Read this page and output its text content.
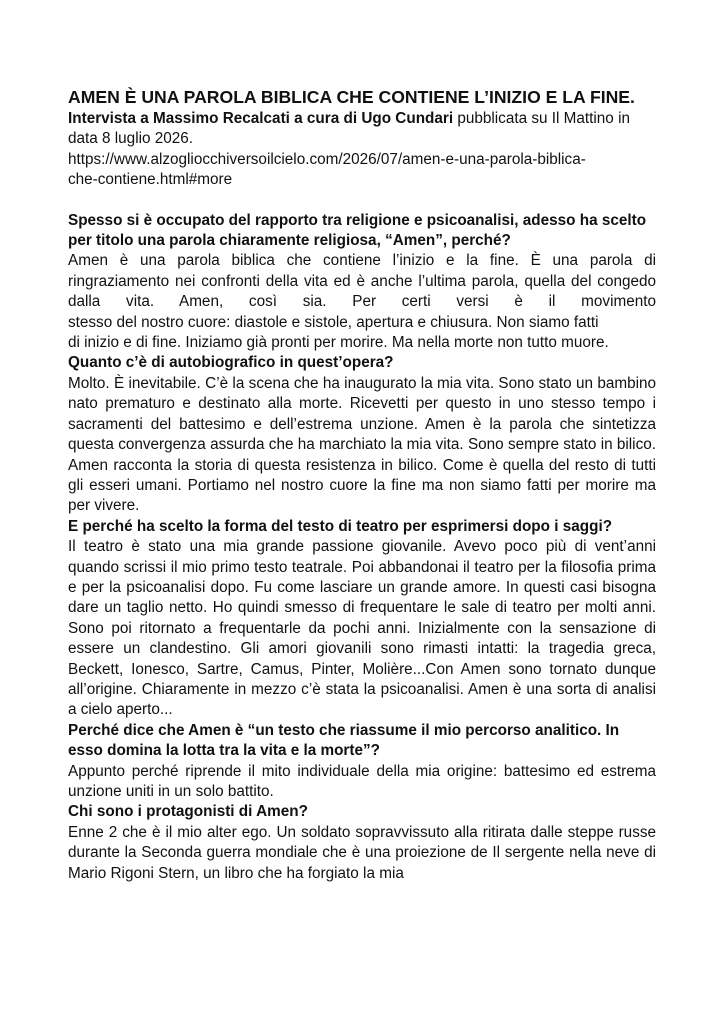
AMEN È UNA PAROLA BIBLICA CHE CONTIENE L’INIZIO E LA FINE.

Intervista a Massimo Recalcati a cura di Ugo Cundari pubblicata su Il Mattino in data 8 luglio 2026.

https://www.alzogliocchiversoilcielo.com/2026/07/amen-e-una-parola-biblica-
che-contiene.html#more

Spesso si è occupato del rapporto tra religione e psicoanalisi, adesso ha scelto per titolo una parola chiaramente religiosa, “Amen”, perché?

Amen è una parola biblica che contiene l’inizio e la fine. È una parola di ringraziamento nei confronti della vita ed è anche l’ultima parola, quella del congedo dalla vita. Amen, così sia. Per certi versi è il movimento
stesso del nostro cuore: diastole e sistole, apertura e chiusura. Non siamo fatti
di inizio e di fine. Iniziamo già pronti per morire. Ma nella morte non tutto muore.

Quanto c’è di autobiografico in quest’opera?

Molto. È inevitabile. C’è la scena che ha inaugurato la mia vita. Sono stato un bambino nato prematuro e destinato alla morte. Ricevetti per questo in uno stesso tempo i sacramenti del battesimo e dell’estrema unzione. Amen è la parola che sintetizza questa convergenza assurda che ha marchiato la mia vita. Sono sempre stato in bilico. Amen racconta la storia di questa resistenza in bilico. Come è quella del resto di tutti gli esseri umani. Portiamo nel nostro cuore la fine ma non siamo fatti per morire ma per vivere.

E perché ha scelto la forma del testo di teatro per esprimersi dopo i saggi?

Il teatro è stato una mia grande passione giovanile. Avevo poco più di vent’anni quando scrissi il mio primo testo teatrale. Poi abbandonai il teatro per la filosofia prima e per la psicoanalisi dopo. Fu come lasciare un grande amore. In questi casi bisogna dare un taglio netto. Ho quindi smesso di frequentare le sale di teatro per molti anni. Sono poi ritornato a frequentarle da pochi anni. Inizialmente con la sensazione di essere un clandestino. Gli amori giovanili sono rimasti intatti: la tragedia greca, Beckett, Ionesco, Sartre, Camus, Pinter, Molière...Con Amen sono tornato dunque all’origine. Chiaramente in mezzo c’è stata la psicoanalisi. Amen è una sorta di analisi a cielo aperto...

Perché dice che Amen è “un testo che riassume il mio percorso analitico. In esso domina la lotta tra la vita e la morte”?

Appunto perché riprende il mito individuale della mia origine: battesimo ed estrema unzione uniti in un solo battito.

Chi sono i protagonisti di Amen?

Enne 2 che è il mio alter ego. Un soldato sopravvissuto alla ritirata dalle steppe russe durante la Seconda guerra mondiale che è una proiezione de Il sergente nella neve di Mario Rigoni Stern, un libro che ha forgiato la mia
